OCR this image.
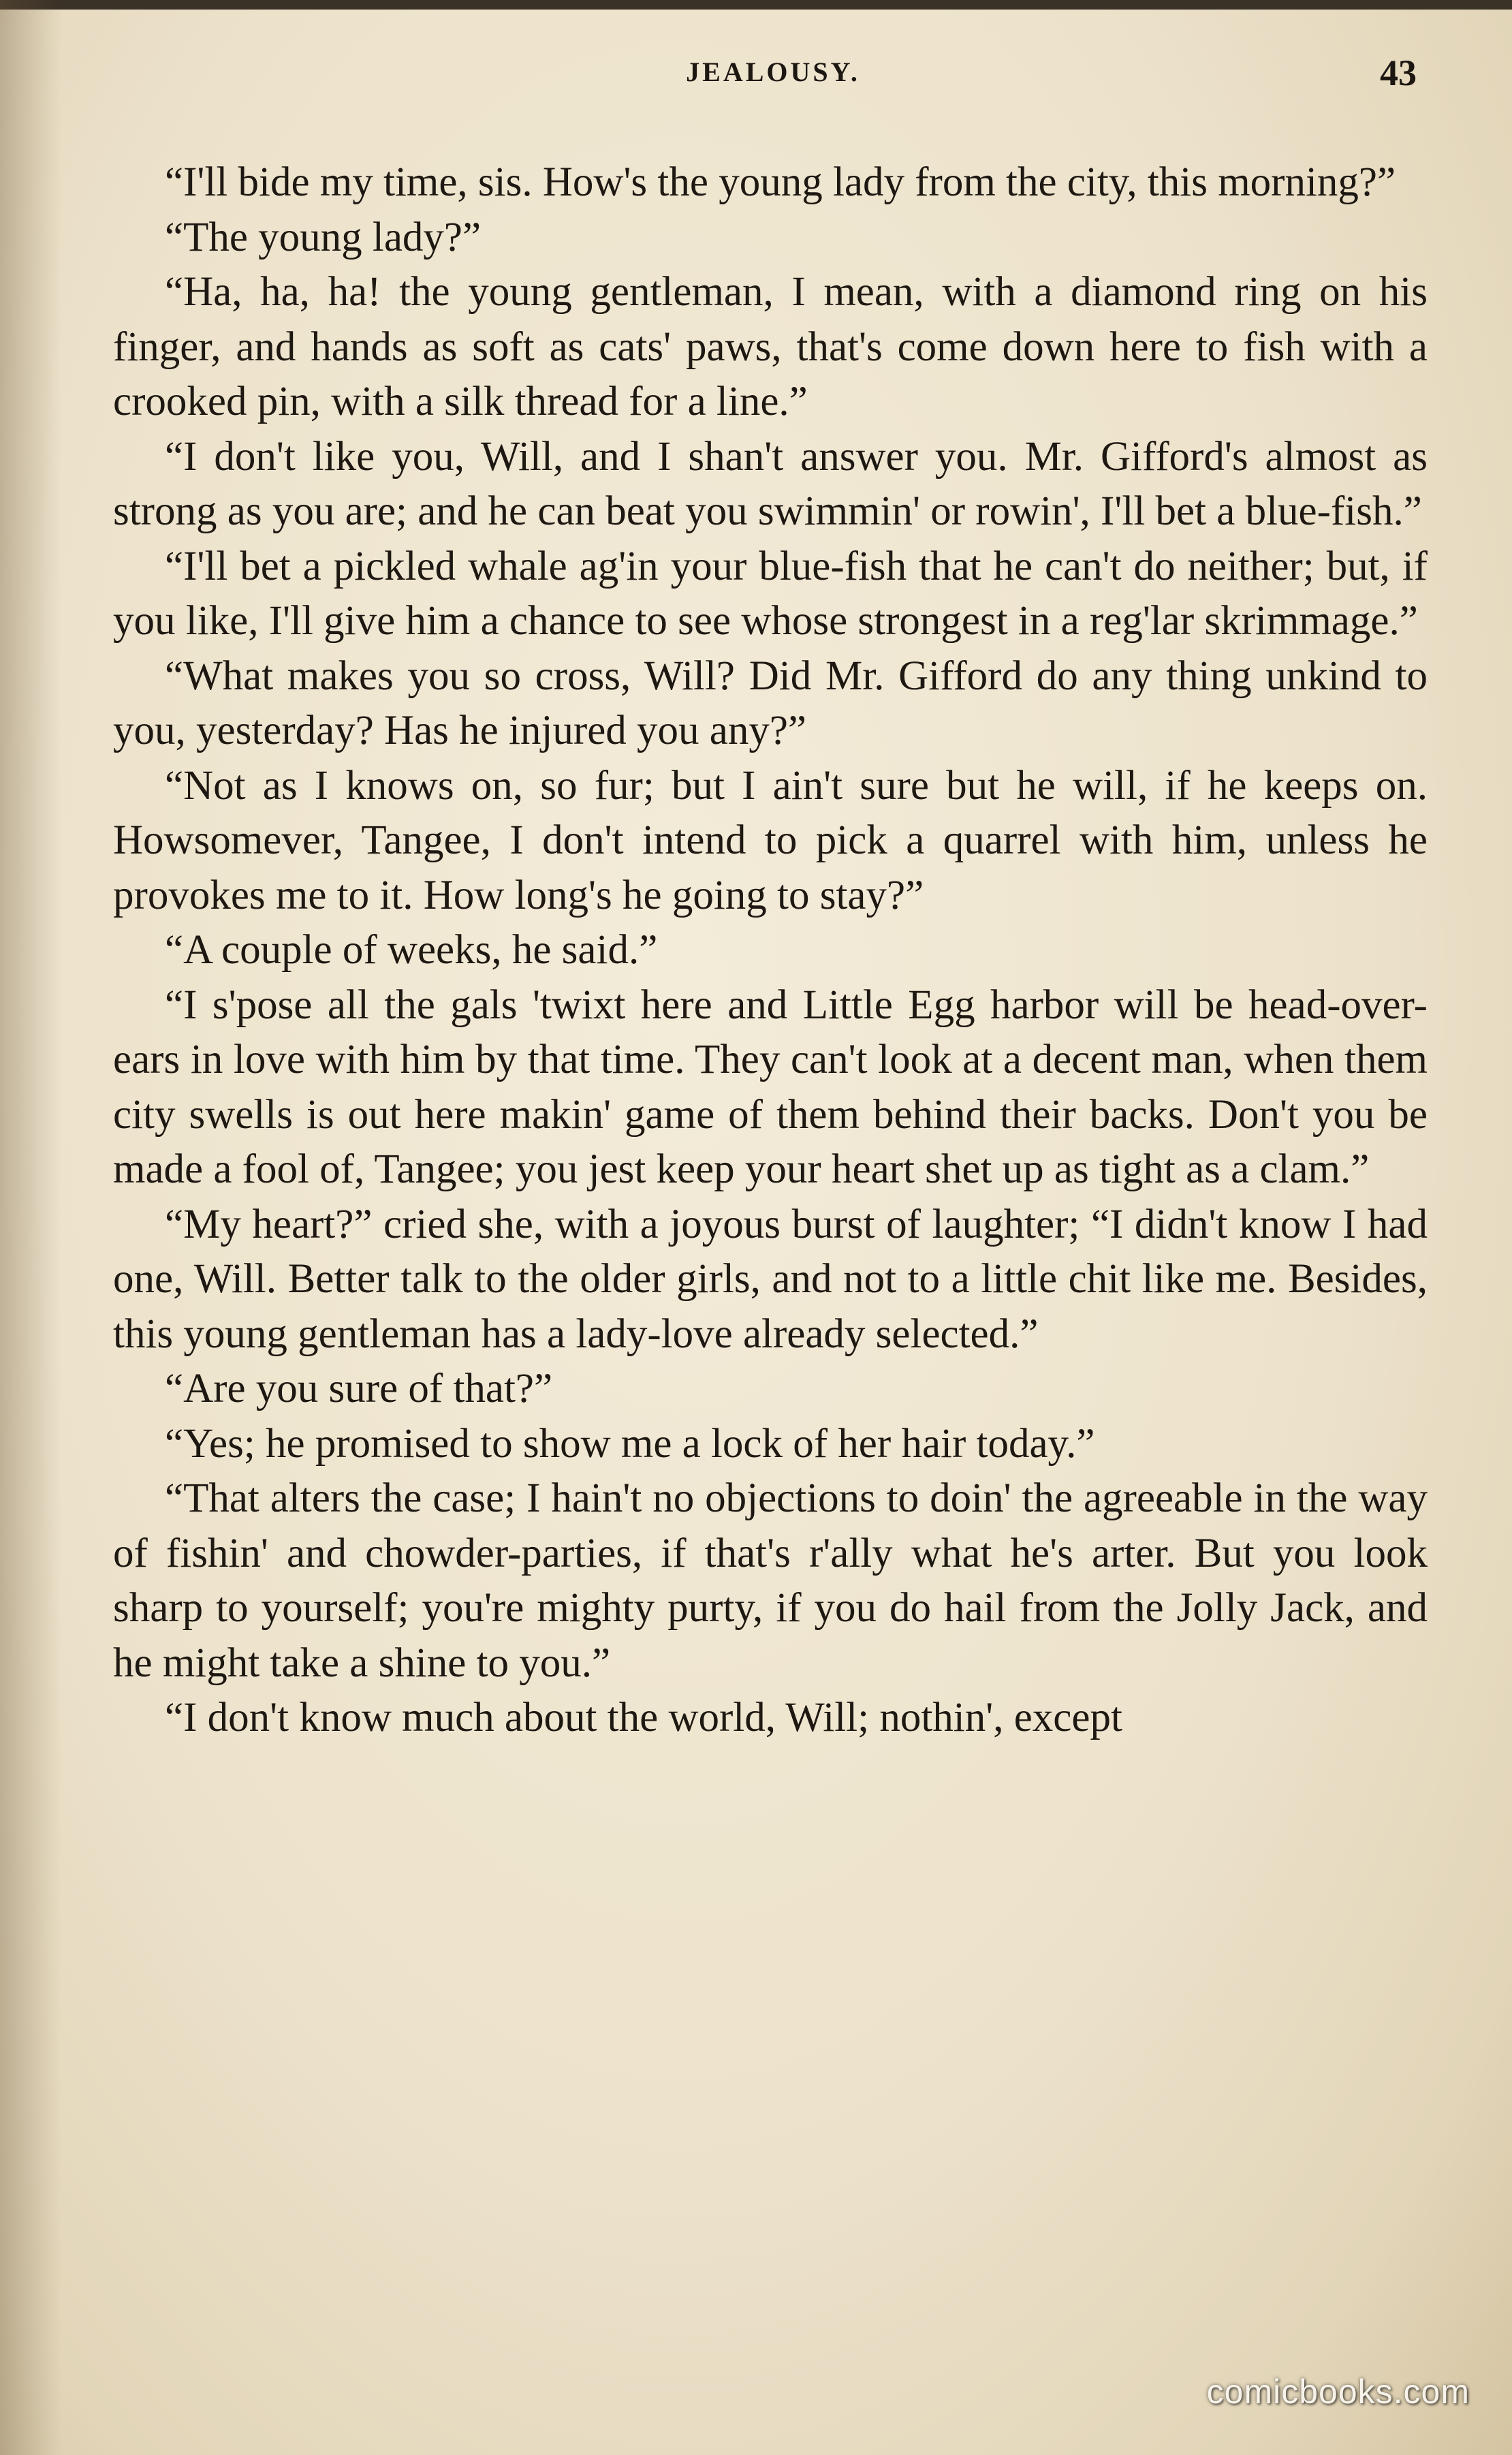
JEALOUSY.	43

“I'll bide my time, sis. How's the young lady from the city, this morning?”

“The young lady?”

“Ha, ha, ha! the young gentleman, I mean, with a diamond ring on his finger, and hands as soft as cats' paws, that's come down here to fish with a crooked pin, with a silk thread for a line.”

“I don't like you, Will, and I shan't answer you. Mr. Gifford's almost as strong as you are; and he can beat you swimmin' or rowin', I'll bet a blue-fish.”

“I'll bet a pickled whale ag'in your blue-fish that he can't do neither; but, if you like, I'll give him a chance to see whose strongest in a reg'lar skrimmage.”

“What makes you so cross, Will? Did Mr. Gifford do any thing unkind to you, yesterday? Has he injured you any?”

“Not as I knows on, so fur; but I ain't sure but he will, if he keeps on. Howsomever, Tangee, I don't intend to pick a quarrel with him, unless he provokes me to it. How long's he going to stay?”

“A couple of weeks, he said.”

“I s'pose all the gals 'twixt here and Little Egg harbor will be head-over-ears in love with him by that time. They can't look at a decent man, when them city swells is out here makin' game of them behind their backs. Don't you be made a fool of, Tangee; you jest keep your heart shet up as tight as a clam.”

“My heart?” cried she, with a joyous burst of laughter; “I didn't know I had one, Will. Better talk to the older girls, and not to a little chit like me. Besides, this young gentleman has a lady-love already selected.”

“Are you sure of that?”

“Yes; he promised to show me a lock of her hair today.”

“That alters the case; I hain't no objections to doin' the agreeable in the way of fishin' and chowder-parties, if that's r'ally what he's arter. But you look sharp to yourself; you're mighty purty, if you do hail from the Jolly Jack, and he might take a shine to you.”

“I don't know much about the world, Will; nothin', except

comicbooks.com
